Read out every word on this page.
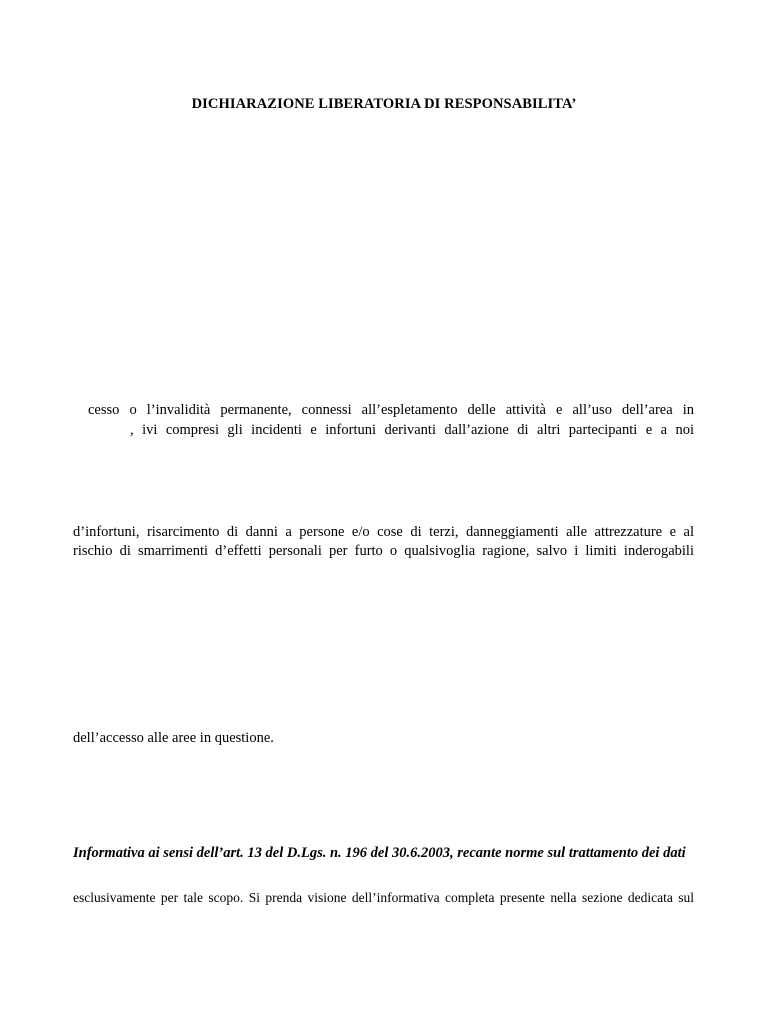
DICHIARAZIONE LIBERATORIA DI RESPONSABILITA’
cesso o l’invalidità permanente, connessi all’espletamento delle attività e all’uso dell’area in
, ivi compresi gli incidenti e infortuni derivanti dall’azione di altri partecipanti e a noi
d’infortuni, risarcimento di danni a persone e/o cose di terzi, danneggiamenti alle attrezzature e al
rischio di smarrimenti d’effetti personali per furto o qualsivoglia ragione, salvo i limiti inderogabili
dell’accesso alle aree in questione.
Informativa ai sensi dell’art. 13 del D.Lgs. n. 196 del 30.6.2003, recante norme sul trattamento dei dati
esclusivamente per tale scopo. Si prenda visione dell’informativa completa presente nella sezione dedicata sul
